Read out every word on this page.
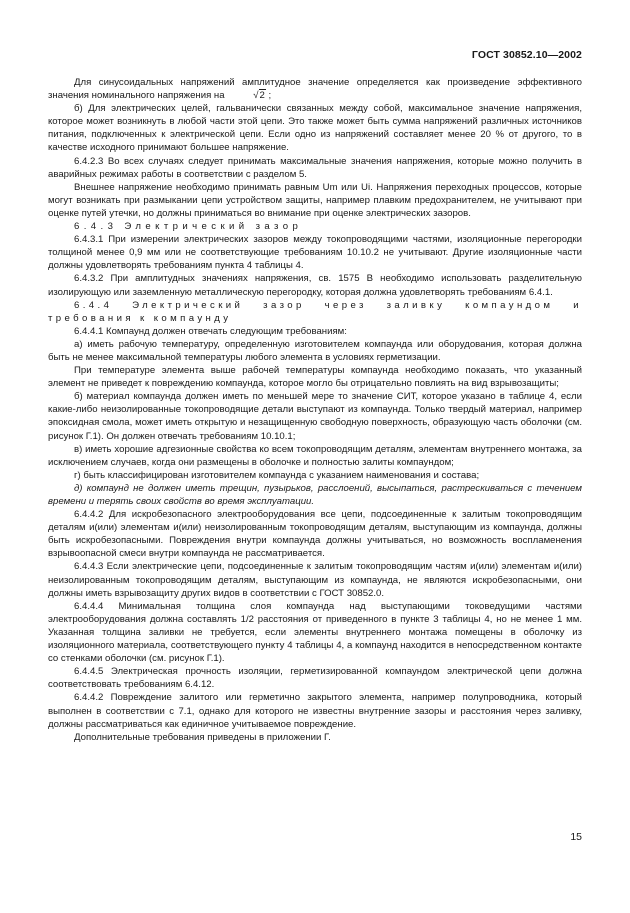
ГОСТ 30852.10—2002

Для синусоидальных напряжений амплитудное значение определяется как произведение эффективного значения номинального напряжения на	√2 ;

б) Для электрических целей, гальванически связанных между собой, максимальное значение напряжения, которое может возникнуть в любой части этой цепи. Это также может быть сумма напряжений различных источников питания, подключенных к электрической цепи. Если одно из напряжений составляет менее 20 % от другого, то в качестве исходного принимают большее напряжение.

6.4.2.3 Во всех случаях следует принимать максимальные значения напряжения, которые можно получить в аварийных режимах работы в соответствии с разделом 5.

Внешнее напряжение необходимо принимать равным Um или Ui. Напряжения переходных процессов, которые могут возникать при размыкании цепи устройством защиты, например плавким предохранителем, не учитывают при оценке путей утечки, но должны приниматься во внимание при оценке электрических зазоров.

6.4.3 Электрический зазор

6.4.3.1 При измерении электрических зазоров между токопроводящими частями, изоляционные перегородки толщиной менее 0,9 мм или не соответствующие требованиям 10.10.2 не учитывают. Другие изоляционные части должны удовлетворять требованиям пункта 4 таблицы 4.

6.4.3.2 При амплитудных значениях напряжения, св. 1575 В необходимо использовать разделительную изолирующую или заземленную металлическую перегородку, которая должна удовлетворять требованиям 6.4.1.

6.4.4 Электрический зазор через заливку компаундом и требования к компаунду

6.4.4.1 Компаунд должен отвечать следующим требованиям:

а) иметь рабочую температуру, определенную изготовителем компаунда или оборудования, которая должна быть не менее максимальной температуры любого элемента в условиях герметизации.

При температуре элемента выше рабочей температуры компаунда необходимо показать, что указанный элемент не приведет к повреждению компаунда, которое могло бы отрицательно повлиять на вид взрывозащиты;

б) материал компаунда должен иметь по меньшей мере то значение СИТ, которое указано в таблице 4, если какие-либо неизолированные токопроводящие детали выступают из компаунда. Только твердый материал, например эпоксидная смола, может иметь открытую и незащищенную свободную поверхность, образующую часть оболочки (см. рисунок Г.1). Он должен отвечать требованиям 10.10.1;

в) иметь хорошие адгезионные свойства ко всем токопроводящим деталям, элементам внутреннего монтажа, за исключением случаев, когда они размещены в оболочке и полностью залиты компаундом;

г) быть классифицирован изготовителем компаунда с указанием наименования и состава;

д) компаунд не должен иметь трещин, пузырьков, расслоений, высыпаться, растрескиваться с течением времени и терять своих свойств во время эксплуатации.

6.4.4.2 Для искробезопасного электрооборудования все цепи, подсоединенные к залитым токопроводящим деталям и(или) элементам и(или) неизолированным токопроводящим деталям, выступающим из компаунда, должны быть искробезопасными. Повреждения внутри компаунда должны учитываться, но возможность воспламенения взрывоопасной смеси внутри компаунда не рассматривается.

6.4.4.3 Если электрические цепи, подсоединенные к залитым токопроводящим частям и(или) элементам и(или) неизолированным токопроводящим деталям, выступающим из компаунда, не являются искробезопасными, они должны иметь взрывозащиту других видов в соответствии с ГОСТ 30852.0.

6.4.4.4 Минимальная толщина слоя компаунда над выступающими токоведущими частями электрооборудования должна составлять 1/2 расстояния от приведенного в пункте 3 таблицы 4, но не менее 1 мм. Указанная толщина заливки не требуется, если элементы внутреннего монтажа помещены в оболочку из изоляционного материала, соответствующего пункту 4 таблицы 4, а компаунд находится в непосредственном контакте со стенками оболочки (см. рисунок Г.1).

6.4.4.5 Электрическая прочность изоляции, герметизированной компаундом электрической цепи должна соответствовать требованиям 6.4.12.

6.4.4.2 Повреждение залитого или герметично закрытого элемента, например полупроводника, который выполнен в соответствии с 7.1, однако для которого не известны внутренние зазоры и расстояния через заливку, должны рассматриваться как единичное учитываемое повреждение.

Дополнительные требования приведены в приложении Г.

15
